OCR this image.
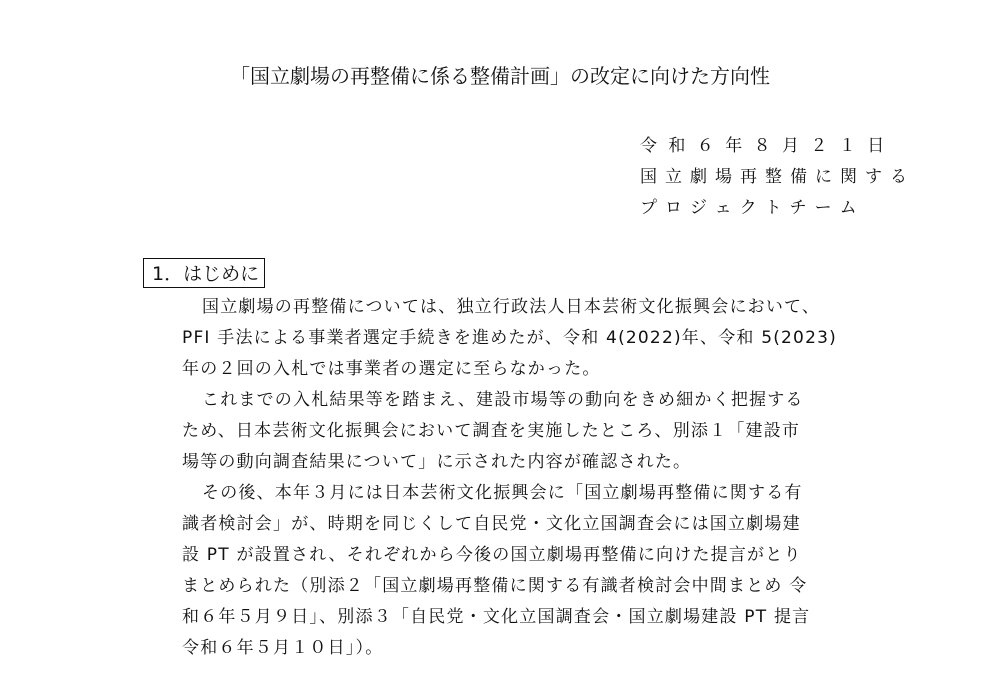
「国立劇場の再整備に係る整備計画」の改定に向けた方向性
令 和 ６ 年 ８ 月 ２ １ 日
国立劇場再整備に関する
プロジェクトチーム
1．はじめに
国立劇場の再整備については、独立行政法人日本芸術文化振興会において、
PFI 手法による事業者選定手続きを進めたが、令和 4(2022)年、令和 5(2023)
年の２回の入札では事業者の選定に至らなかった。
これまでの入札結果等を踏まえ、建設市場等の動向をきめ細かく把握する
ため、日本芸術文化振興会において調査を実施したところ、別添１「建設市
場等の動向調査結果について」に示された内容が確認された。
その後、本年３月には日本芸術文化振興会に「国立劇場再整備に関する有
識者検討会」が、時期を同じくして自民党・文化立国調査会には国立劇場建
設 PT が設置され、それぞれから今後の国立劇場再整備に向けた提言がとり
まとめられた（別添２「国立劇場再整備に関する有識者検討会中間まとめ 令
和６年５月９日」、別添３「自民党・文化立国調査会・国立劇場建設 PT 提言
令和６年５月１０日」）。
